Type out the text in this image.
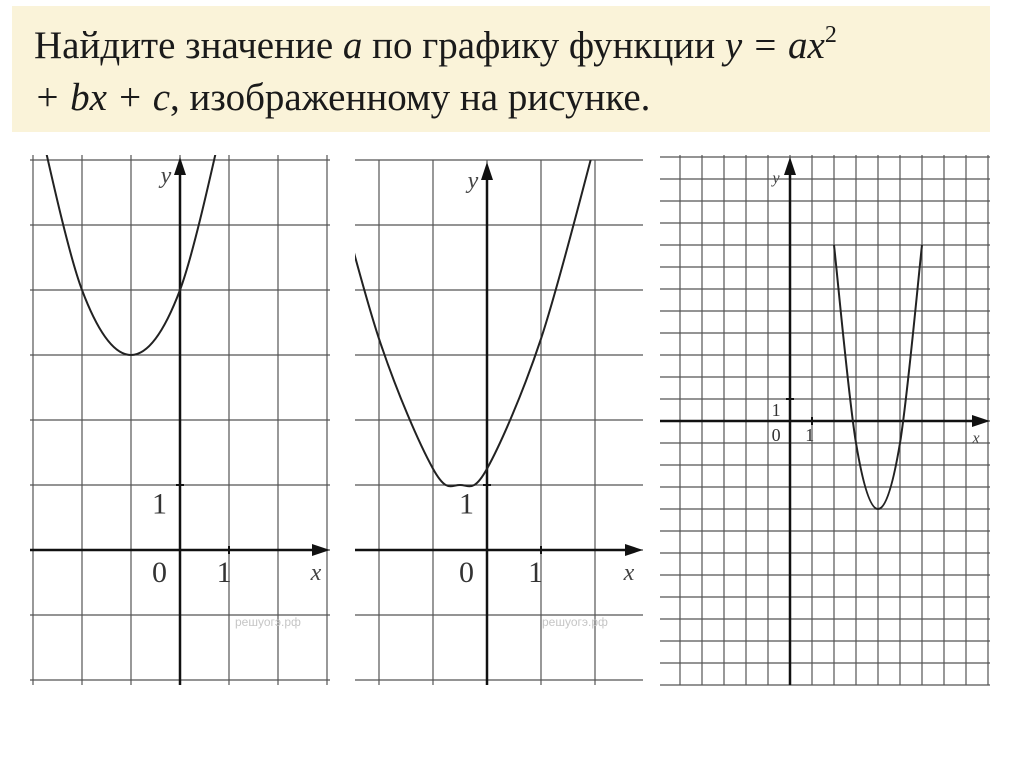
Найдите значение a по графику функции $y = ax^2$
+ bx + c, изображенному на рисунке.

0 1
1
x
y
решуогэ.рф
0 1
1
x
y
решуогэ.рф
0 1
1
x
y
